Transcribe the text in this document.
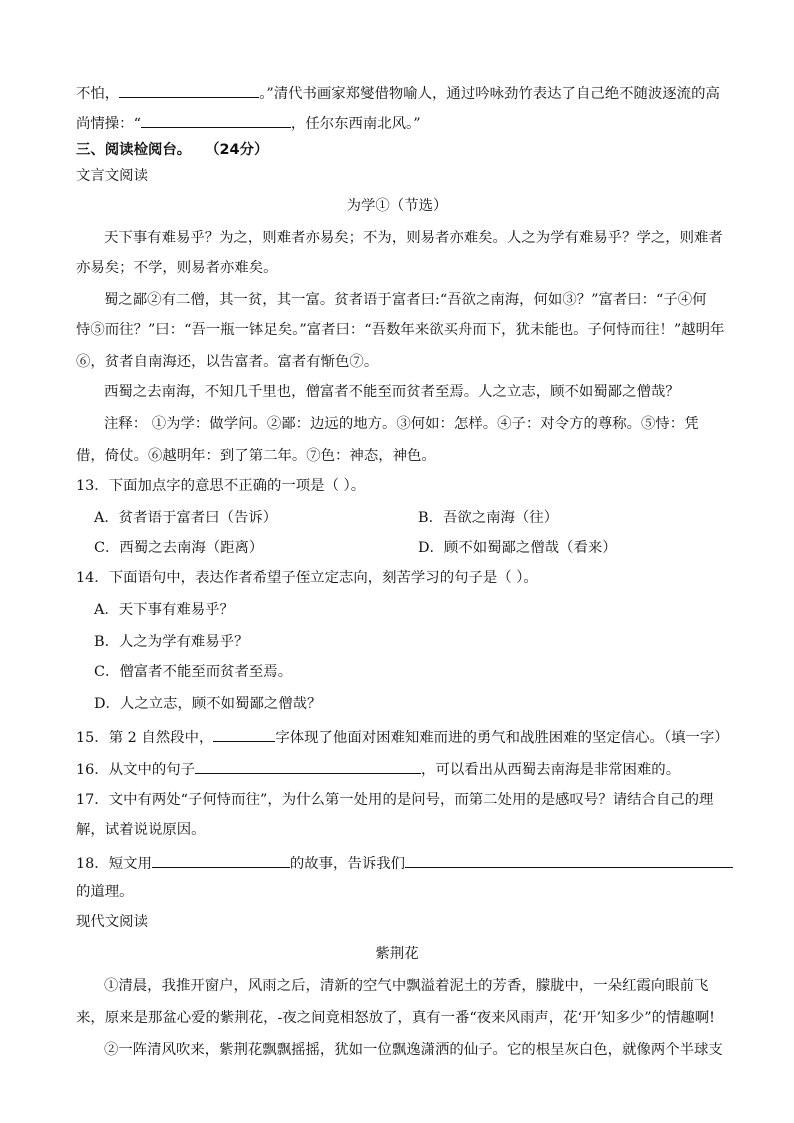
不怕，	。”清代书画家郑燮借物喻人，通过吟咏劲竹表达了自己绝不随波逐流的高
尚情操：“	，任尔东西南北风。”
三、阅读检阅台。 （24分）
文言文阅读
为学①（节选）
天下事有难易乎？为之，则难者亦易矣；不为，则易者亦难矣。人之为学有难易乎？学之，则难者
亦易矣；不学，则易者亦难矣。
蜀之鄙②有二僧，其一贫，其一富。贫者语于富者曰:“吾欲之南海，何如③？”富者曰：“子④何
恃⑤而往？”曰：“吾一瓶一钵足矣。”富者曰：“吾数年来欲买舟而下，犹未能也。子何恃而往！”越明年
⑥，贫者自南海还，以告富者。富者有惭色⑦。
西蜀之去南海，不知几千里也，僧富者不能至而贫者至焉。人之立志，顾不如蜀鄙之僧哉？
注释： ①为学：做学问。②鄙：边远的地方。③何如：怎样。④子：对令方的尊称。⑤恃：凭
借，倚仗。⑥越明年：到了第二年。⑦色：神态，神色。
13．下面加点字的意思不正确的一项是（ ）。
A．贫者语于富者曰（告诉）	B．吾欲之南海（往）
C．西蜀之去南海（距离）	D．顾不如蜀鄙之僧哉（看来）
14．下面语句中，表达作者希望子侄立定志向，刻苦学习的句子是（ ）。
A．天下事有难易乎？
B．人之为学有难易乎？
C．僧富者不能至而贫者至焉。
D．人之立志，顾不如蜀鄙之僧哉？
15．第 2 自然段中，	字体现了他面对困难知难而进的勇气和战胜困难的坚定信心。（填一字）
16．从文中的句子	，可以看出从西蜀去南海是非常困难的。
17．文中有两处“子何恃而往”，为什么第一处用的是问号，而第二处用的是感叹号？请结合自己的理
解，试着说说原因。
18．短文用	的故事，告诉我们
的道理。
现代文阅读
紫荆花
①清晨，我推开窗户，风雨之后，清新的空气中飘溢着泥土的芳香，朦胧中，一朵红霞向眼前飞
来，原来是那盆心爱的紫荆花，-夜之间竟相怒放了，真有一番“夜来风雨声，花‘开’知多少”的情趣啊!
②一阵清风吹来，紫荆花飘飘摇摇，犹如一位飘逸潇洒的仙子。它的根呈灰白色，就像两个半球支
